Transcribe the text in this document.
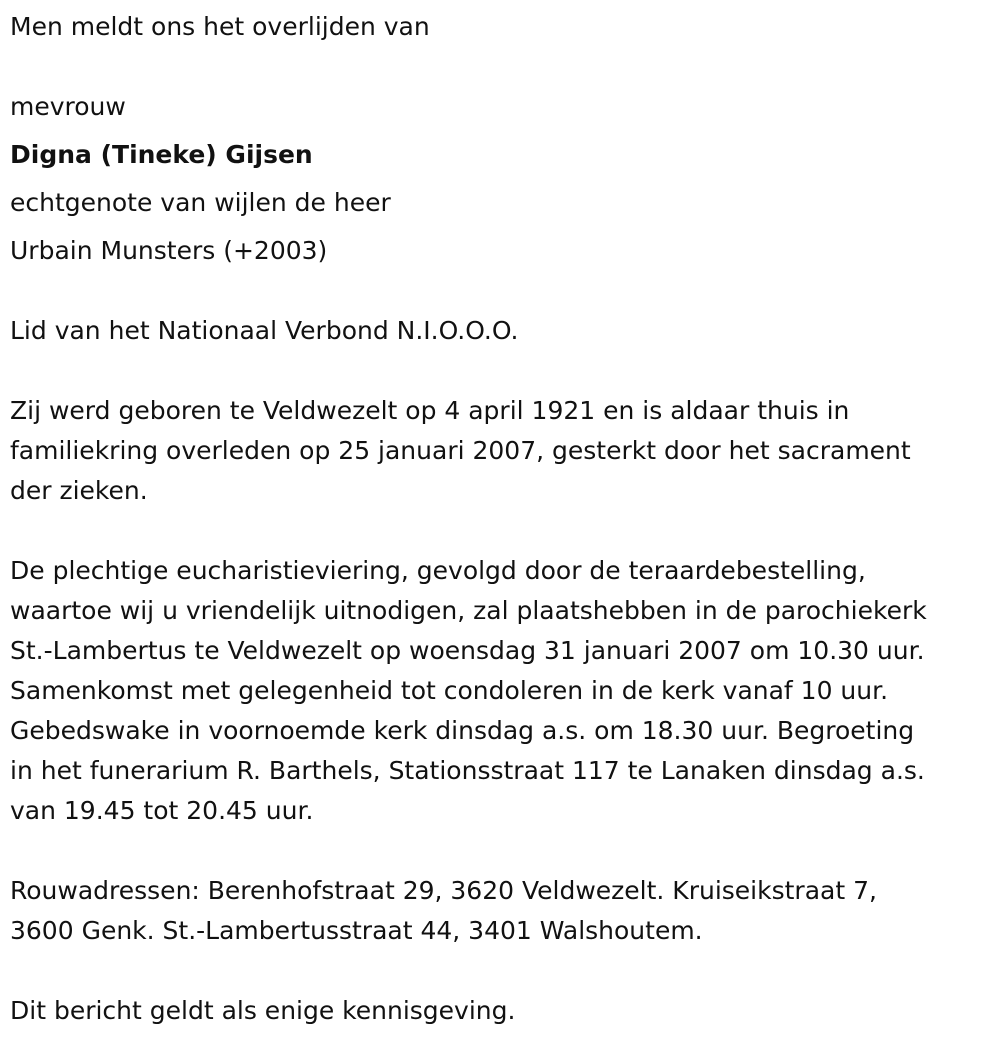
Men meldt ons het overlijden van

mevrouw

Digna (Tineke) Gijsen

echtgenote van wijlen de heer

Urbain Munsters (+2003)

Lid van het Nationaal Verbond N.I.O.O.O.

Zij werd geboren te Veldwezelt op 4 april 1921 en is aldaar thuis in
familiekring overleden op 25 januari 2007, gesterkt door het sacrament
der zieken.
De plechtige eucharistieviering, gevolgd door de teraardebestelling,
waartoe wij u vriendelijk uitnodigen, zal plaatshebben in de parochiekerk
St.-Lambertus te Veldwezelt op woensdag 31 januari 2007 om 10.30 uur.
Samenkomst met gelegenheid tot condoleren in de kerk vanaf 10 uur.
Gebedswake in voornoemde kerk dinsdag a.s. om 18.30 uur. Begroeting
in het funerarium R. Barthels, Stationsstraat 117 te Lanaken dinsdag a.s.
van 19.45 tot 20.45 uur.
Rouwadressen: Berenhofstraat 29, 3620 Veldwezelt. Kruiseikstraat 7,
3600 Genk. St.-Lambertusstraat 44, 3401 Walshoutem.

Dit bericht geldt als enige kennisgeving.
